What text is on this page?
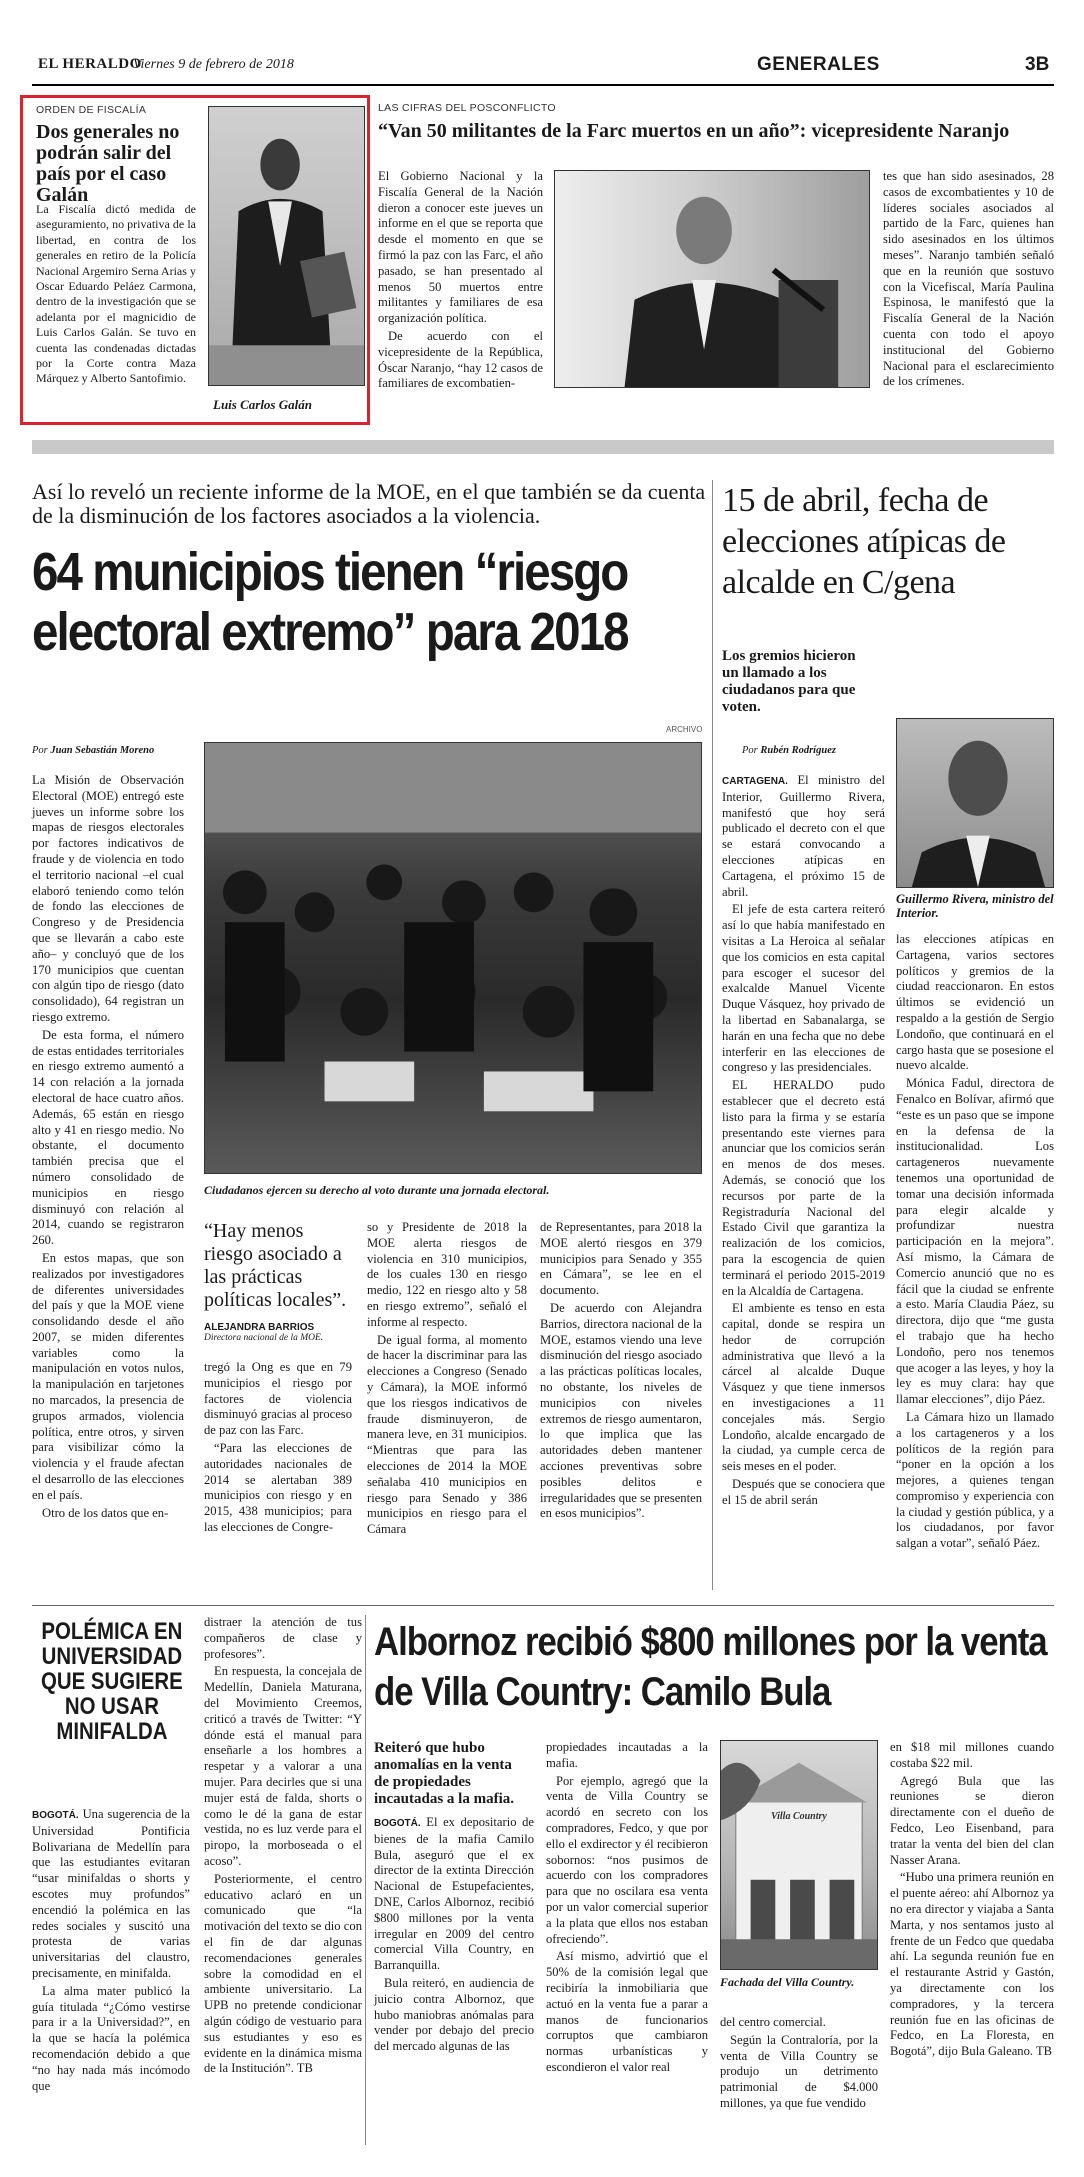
EL HERALDO
Viernes 9 de febrero de 2018	GENERALES	3B
ORDEN DE FISCALÍA
Dos generales no podrán salir del país por el caso Galán
La Fiscalía dictó medida de aseguramiento, no privativa de la libertad, en contra de los generales en retiro de la Policía Nacional Argemiro Serna Arias y Oscar Eduardo Peláez Carmona, dentro de la investigación que se adelanta por el magnicidio de Luis Carlos Galán. Se tuvo en cuenta las condenadas dictadas por la Corte contra Maza Márquez y Alberto Santofimio.
Luis Carlos Galán
LAS CIFRAS DEL POSCONFLICTO
“Van 50 militantes de la Farc muertos en un año”: vicepresidente Naranjo

El Gobierno Nacional y la Fiscalía General de la Nación dieron a conocer este jueves un informe en el que se reporta que desde el momento en que se firmó la paz con las Farc, el año pasado, se han presentado al menos 50 muertos entre militantes y familiares de esa organización política.

De acuerdo con el vicepresidente de la República, Óscar Naranjo, “hay 12 casos de familiares de excombatien-

tes que han sido asesinados, 28 casos de excombatientes y 10 de líderes sociales asociados al partido de la Farc, quienes han sido asesinados en los últimos meses”. Naranjo también señaló que en la reunión que sostuvo con la Vicefiscal, María Paulina Espinosa, le manifestó que la Fiscalía General de la Nación cuenta con todo el apoyo institucional del Gobierno Nacional para el esclarecimiento de los crímenes.
Así lo reveló un reciente informe de la MOE, en el que también se da cuenta de la disminución de los factores asociados a la violencia.
64 municipios tienen “riesgo electoral extremo” para 2018
ARCHIVO
Por Juan Sebastián Moreno

La Misión de Observación Electoral (MOE) entregó este jueves un informe sobre los mapas de riesgos electorales por factores indicativos de fraude y de violencia en todo el territorio nacional –el cual elaboró teniendo como telón de fondo las elecciones de Congreso y de Presidencia que se llevarán a cabo este año– y concluyó que de los 170 municipios que cuentan con algún tipo de riesgo (dato consolidado), 64 registran un riesgo extremo.

De esta forma, el número de estas entidades territoriales en riesgo extremo aumentó a 14 con relación a la jornada electoral de hace cuatro años. Además, 65 están en riesgo alto y 41 en riesgo medio. No obstante, el documento también precisa que el número consolidado de municipios en riesgo disminuyó con relación al 2014, cuando se registraron 260.

En estos mapas, que son realizados por investigadores de diferentes universidades del país y que la MOE viene consolidando desde el año 2007, se miden diferentes variables como la manipulación en votos nulos, la manipulación en tarjetones no marcados, la presencia de grupos armados, violencia política, entre otros, y sirven para visibilizar cómo la violencia y el fraude afectan el desarrollo de las elecciones en el país.

Otro de los datos que en-

Ciudadanos ejercen su derecho al voto durante una jornada electoral.
“Hay menos riesgo asociado a las prácticas políticas locales”.
ALEJANDRA BARRIOS
Directora nacional de la MOE.

tregó la Ong es que en 79 municipios el riesgo por factores de violencia disminuyó gracias al proceso de paz con las Farc.

“Para las elecciones de autoridades nacionales de 2014 se alertaban 389 municipios con riesgo y en 2015, 438 municipios; para las elecciones de Congre-

so y Presidente de 2018 la MOE alerta riesgos de violencia en 310 municipios, de los cuales 130 en riesgo medio, 122 en riesgo alto y 58 en riesgo extremo”, señaló el informe al respecto.

De igual forma, al momento de hacer la discriminar para las elecciones a Congreso (Senado y Cámara), la MOE informó que los riesgos indicativos de fraude disminuyeron, de manera leve, en 31 municipios. “Mientras que para las elecciones de 2014 la MOE señalaba 410 municipios en riesgo para Senado y 386 municipios en riesgo para el Cámara

de Representantes, para 2018 la MOE alertó riesgos en 379 municipios para Senado y 355 en Cámara”, se lee en el documento.

De acuerdo con Alejandra Barrios, directora nacional de la MOE, estamos viendo una leve disminución del riesgo asociado a las prácticas políticas locales, no obstante, los niveles de municipios con niveles extremos de riesgo aumentaron, lo que implica que las autoridades deben mantener acciones preventivas sobre posibles delitos e irregularidades que se presenten en esos municipios”.

15 de abril, fecha de elecciones atípicas de alcalde en C/gena
Los gremios hicieron un llamado a los ciudadanos para que voten.
Por Rubén Rodríguez
Guillermo Rivera, ministro del Interior.

CARTAGENA. El ministro del Interior, Guillermo Rivera, manifestó que hoy será publicado el decreto con el que se estará convocando a elecciones atípicas en Cartagena, el próximo 15 de abril.

El jefe de esta cartera reiteró así lo que había manifestado en visitas a La Heroica al señalar que los comicios en esta capital para escoger el sucesor del exalcalde Manuel Vicente Duque Vásquez, hoy privado de la libertad en Sabanalarga, se harán en una fecha que no debe interferir en las elecciones de congreso y las presidenciales.

EL HERALDO pudo establecer que el decreto está listo para la firma y se estaría presentando este viernes para anunciar que los comicios serán en menos de dos meses. Además, se conoció que los recursos por parte de la Registraduría Nacional del Estado Civil que garantiza la realización de los comicios, para la escogencia de quien terminará el periodo 2015-2019 en la Alcaldía de Cartagena.

El ambiente es tenso en esta capital, donde se respira un hedor de corrupción administrativa que llevó a la cárcel al alcalde Duque Vásquez y que tiene inmersos en investigaciones a 11 concejales más. Sergio Londoño, alcalde encargado de la ciudad, ya cumple cerca de seis meses en el poder.

Después que se conociera que el 15 de abril serán

las elecciones atípicas en Cartagena, varios sectores políticos y gremios de la ciudad reaccionaron. En estos últimos se evidenció un respaldo a la gestión de Sergio Londoño, que continuará en el cargo hasta que se posesione el nuevo alcalde.

Mónica Fadul, directora de Fenalco en Bolívar, afirmó que “este es un paso que se impone en la defensa de la institucionalidad. Los cartageneros nuevamente tenemos una oportunidad de tomar una decisión informada para elegir alcalde y profundizar nuestra participación en la mejora”. Así mismo, la Cámara de Comercio anunció que no es fácil que la ciudad se enfrente a esto. María Claudia Páez, su directora, dijo que “me gusta el trabajo que ha hecho Londoño, pero nos tenemos que acoger a las leyes, y hoy la ley es muy clara: hay que llamar elecciones”, dijo Páez.

La Cámara hizo un llamado a los cartageneros y a los políticos de la región para “poner en la opción a los mejores, a quienes tengan compromiso y experiencia con la ciudad y gestión pública, y a los ciudadanos, por favor salgan a votar”, señaló Páez.

POLÉMICA EN UNIVERSIDAD QUE SUGIERE NO USAR MINIFALDA

BOGOTÁ. Una sugerencia de la Universidad Pontificia Bolivariana de Medellín para que las estudiantes evitaran “usar minifaldas o shorts y escotes muy profundos” encendió la polémica en las redes sociales y suscitó una protesta de varias universitarias del claustro, precisamente, en minifalda.

La alma mater publicó la guía titulada “¿Cómo vestirse para ir a la Universidad?”, en la que se hacía la polémica recomendación debido a que “no hay nada más incómodo que

distraer la atención de tus compañeros de clase y profesores”.

En respuesta, la concejala de Medellín, Daniela Maturana, del Movimiento Creemos, criticó a través de Twitter: “Y dónde está el manual para enseñarle a los hombres a respetar y a valorar a una mujer. Para decirles que si una mujer está de falda, shorts o como le dé la gana de estar vestida, no es luz verde para el piropo, la morboseada o el acoso”.

Posteriormente, el centro educativo aclaró en un comunicado que “la motivación del texto se dio con el fin de dar algunas recomendaciones generales sobre la comodidad en el ambiente universitario. La UPB no pretende condicionar algún código de vestuario para sus estudiantes y eso es evidente en la dinámica misma de la Institución”. TB

Albornoz recibió $800 millones por la venta de Villa Country: Camilo Bula
Reiteró que hubo anomalías en la venta de propiedades incautadas a la mafia.

BOGOTÁ. El ex depositario de bienes de la mafia Camilo Bula, aseguró que el ex director de la extinta Dirección Nacional de Estupefacientes, DNE, Carlos Albornoz, recibió $800 millones por la venta irregular en 2009 del centro comercial Villa Country, en Barranquilla.

Bula reiteró, en audiencia de juicio contra Albornoz, que hubo maniobras anómalas para vender por debajo del precio del mercado algunas de las

propiedades incautadas a la mafia.

Por ejemplo, agregó que la venta de Villa Country se acordó en secreto con los compradores, Fedco, y que por ello el exdirector y él recibieron sobornos: “nos pusimos de acuerdo con los compradores para que no oscilara esa venta por un valor comercial superior a la plata que ellos nos estaban ofreciendo”.

Así mismo, advirtió que el 50% de la comisión legal que recibiría la inmobiliaria que actuó en la venta fue a parar a manos de funcionarios corruptos que cambiaron normas urbanísticas y escondieron el valor real

Villa Country
Fachada del Villa Country.

del centro comercial.

Según la Contraloría, por la venta de Villa Country se produjo un detrimento patrimonial de $4.000 millones, ya que fue vendido

en $18 mil millones cuando costaba $22 mil.

Agregó Bula que las reuniones se dieron directamente con el dueño de Fedco, Leo Eisenband, para tratar la venta del bien del clan Nasser Arana.

“Hubo una primera reunión en el puente aéreo: ahí Albornoz ya no era director y viajaba a Santa Marta, y nos sentamos justo al frente de un Fedco que quedaba ahí. La segunda reunión fue en el restaurante Astrid y Gastón, ya directamente con los compradores, y la tercera reunión fue en las oficinas de Fedco, en La Floresta, en Bogotá”, dijo Bula Galeano. TB
